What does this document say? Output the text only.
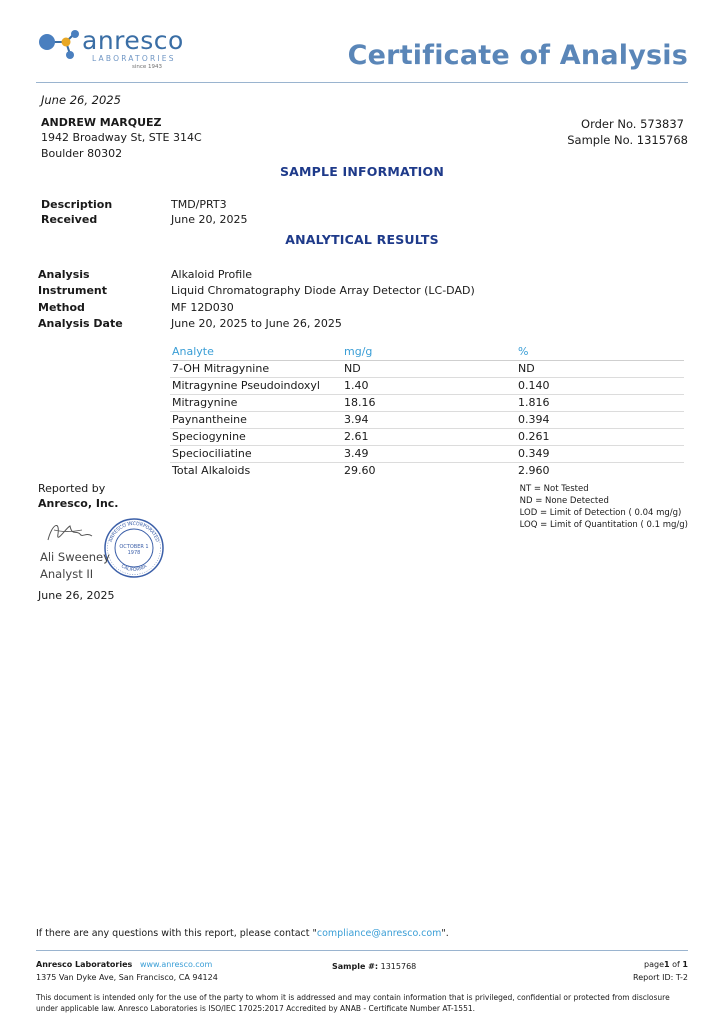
anresco
LABORATORIES
since 1943	Certificate of Analysis
June 26, 2025
ANDREW MARQUEZ
1942 Broadway St, STE 314C
Boulder 80302
Order No. 573837
Sample No. 1315768
SAMPLE INFORMATION
Description	TMD/PRT3
Received	June 20, 2025
ANALYTICAL RESULTS
Analysis	Alkaloid Profile
Instrument	Liquid Chromatography Diode Array Detector (LC-DAD)
Method	MF 12D030
Analysis Date	June 20, 2025 to June 26, 2025
Analyte	mg/g	%
7-OH Mitragynine	ND	ND
Mitragynine Pseudoindoxyl	1.40	0.140
Mitragynine	18.16	1.816
Paynantheine	3.94	0.394
Speciogynine	2.61	0.261
Speciociliatine	3.49	0.349
Total Alkaloids	29.60	2.960
Reported by
Anresco, Inc.
ANRESCO INCORPORATED
CALIFORNIA
OCTOBER 1
1978
Ali Sweeney
Analyst II
June 26, 2025
NT = Not Tested
ND = None Detected
LOD = Limit of Detection ( 0.04 mg/g)
LOQ = Limit of Quantitation ( 0.1 mg/g)
If there are any questions with this report, please contact "compliance@anresco.com".
Anresco Laboratories www.anresco.com
1375 Van Dyke Ave, San Francisco, CA 94124
Sample #: 1315768	page1 of 1
Report ID: T-2
This document is intended only for the use of the party to whom it is addressed and may contain information that is privileged, confidential or protected from disclosure
under applicable law. Anresco Laboratories is ISO/IEC 17025:2017 Accredited by ANAB - Certificate Number AT-1551.
